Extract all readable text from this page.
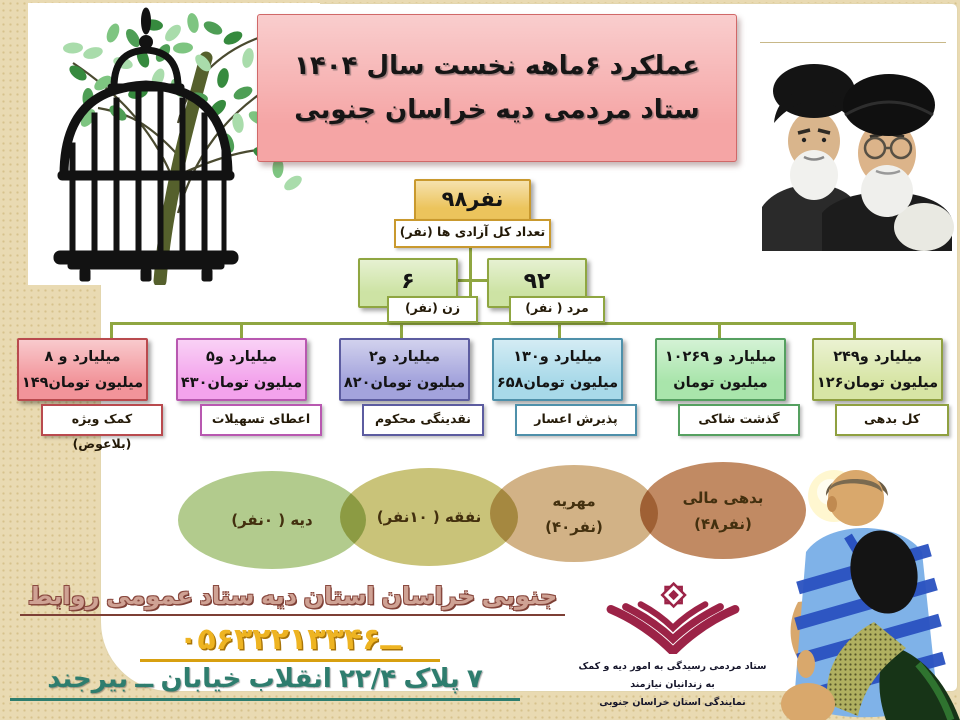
عملکرد ۶ماهه نخست سال ۱۴۰۴
ستاد مردمی دیه خراسان جنوبی
۹۸نفر
تعداد کل آزادی ها (نفر)
۶
زن (نفر)
۹۲
مرد ( نفر)
۸ میلیارد و
۱۴۹میلیون تومان
۵میلیارد و
۴۳۰میلیون تومان
۲میلیارد و
۸۲۰میلیون تومان
۱۳۰میلیارد و
۶۵۸میلیون تومان
۱۰۲میلیارد و ۶۹
میلیون تومان
۲۴۹میلیارد و
۱۲۶میلیون تومان
کمک ویژه (بلاعوض)
اعطای تسهیلات	نقدینگی محکوم	پذیرش اعسار	گذشت شاکی	کل بدهی
بدهی مالی
(۴۸نفر)
مهریه
(۴۰نفر)
نفقه ( ۱۰نفر)
دیه ( ۰نفر)
ستاد مردمی رسیدگی به امور دیه و کمک به زندانیان نیازمند
نمایندگی استان خراسان جنوبی
روابط عمومی ستاد دیه استان خراسان جنوبی
۰۵۶ــ۳۲۲۱۳۳۴۶
بیرجند ــ خیابان انقلاب ۲۲/۴ پلاک ۷
